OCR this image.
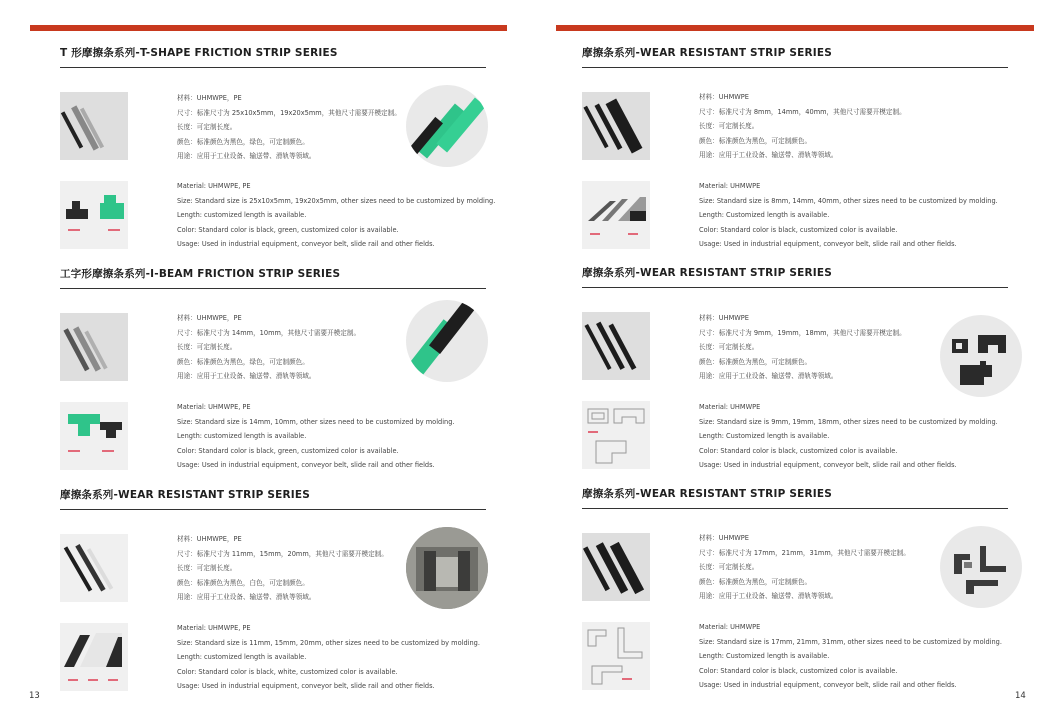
T 形摩擦条系列-T-SHAPE FRICTION STRIP SERIES
材料：UHMWPE，PE
尺寸：标准尺寸为 25x10x5mm，19x20x5mm，其他尺寸需要开模定制。
长度：可定制长度。
颜色：标准颜色为黑色，绿色，可定制颜色。
用途：应用于工业设备、输送带、滑轨等领域。
Material: UHMWPE, PE
Size: Standard size is 25x10x5mm, 19x20x5mm, other sizes need to be customized by molding.
Length: customized length is available.
Color: Standard color is black, green, customized color is available.
Usage: Used in industrial equipment, conveyor belt, slide rail and other fields.
工字形摩擦条系列-I-BEAM FRICTION STRIP SERIES
材料：UHMWPE，PE
尺寸：标准尺寸为 14mm，10mm，其他尺寸需要开模定制。
长度：可定制长度。
颜色：标准颜色为黑色，绿色，可定制颜色。
用途：应用于工业设备、输送带、滑轨等领域。
Material: UHMWPE, PE
Size: Standard size is 14mm, 10mm, other sizes need to be customized by molding.
Length: customized length is available.
Color: Standard color is black, green, customized color is available.
Usage: Used in industrial equipment, conveyor belt, slide rail and other fields.
摩擦条系列-WEAR RESISTANT STRIP SERIES
材料：UHMWPE，PE
尺寸：标准尺寸为 11mm，15mm，20mm，其他尺寸需要开模定制。
长度：可定制长度。
颜色：标准颜色为黑色，白色，可定制颜色。
用途：应用于工业设备、输送带、滑轨等领域。
Material: UHMWPE, PE
Size: Standard size is 11mm, 15mm, 20mm, other sizes need to be customized by molding.
Length: customized length is available.
Color: Standard color is black, white, customized color is available.
Usage: Used in industrial equipment, conveyor belt, slide rail and other fields.
摩擦条系列-WEAR RESISTANT STRIP SERIES
材料：UHMWPE
尺寸：标准尺寸为 8mm，14mm，40mm，其他尺寸需要开模定制。
长度：可定制长度。
颜色：标准颜色为黑色，可定制颜色。
用途：应用于工业设备、输送带、滑轨等领域。
Material: UHMWPE
Size: Standard size is 8mm, 14mm, 40mm, other sizes need to be customized by molding.
Length: Customized length is available.
Color: Standard color is black, customized color is available.
Usage: Used in industrial equipment, conveyor belt, slide rail and other fields.
摩擦条系列-WEAR RESISTANT STRIP SERIES
材料：UHMWPE
尺寸：标准尺寸为 9mm，19mm，18mm，其他尺寸需要开模定制。
长度：可定制长度。
颜色：标准颜色为黑色，可定制颜色。
用途：应用于工业设备、输送带、滑轨等领域。
Material: UHMWPE
Size: Standard size is 9mm, 19mm, 18mm, other sizes need to be customized by molding.
Length: Customized length is available.
Color: Standard color is black, customized color is available.
Usage: Used in industrial equipment, conveyor belt, slide rail and other fields.
摩擦条系列-WEAR RESISTANT STRIP SERIES
材料：UHMWPE
尺寸：标准尺寸为 17mm，21mm，31mm，其他尺寸需要开模定制。
长度：可定制长度。
颜色：标准颜色为黑色，可定制颜色。
用途：应用于工业设备、输送带、滑轨等领域。
Material: UHMWPE
Size: Standard size is 17mm, 21mm, 31mm, other sizes need to be customized by molding.
Length: Customized length is available.
Color: Standard color is black, customized color is available.
Usage: Used in industrial equipment, conveyor belt, slide rail and other fields.
13	14
